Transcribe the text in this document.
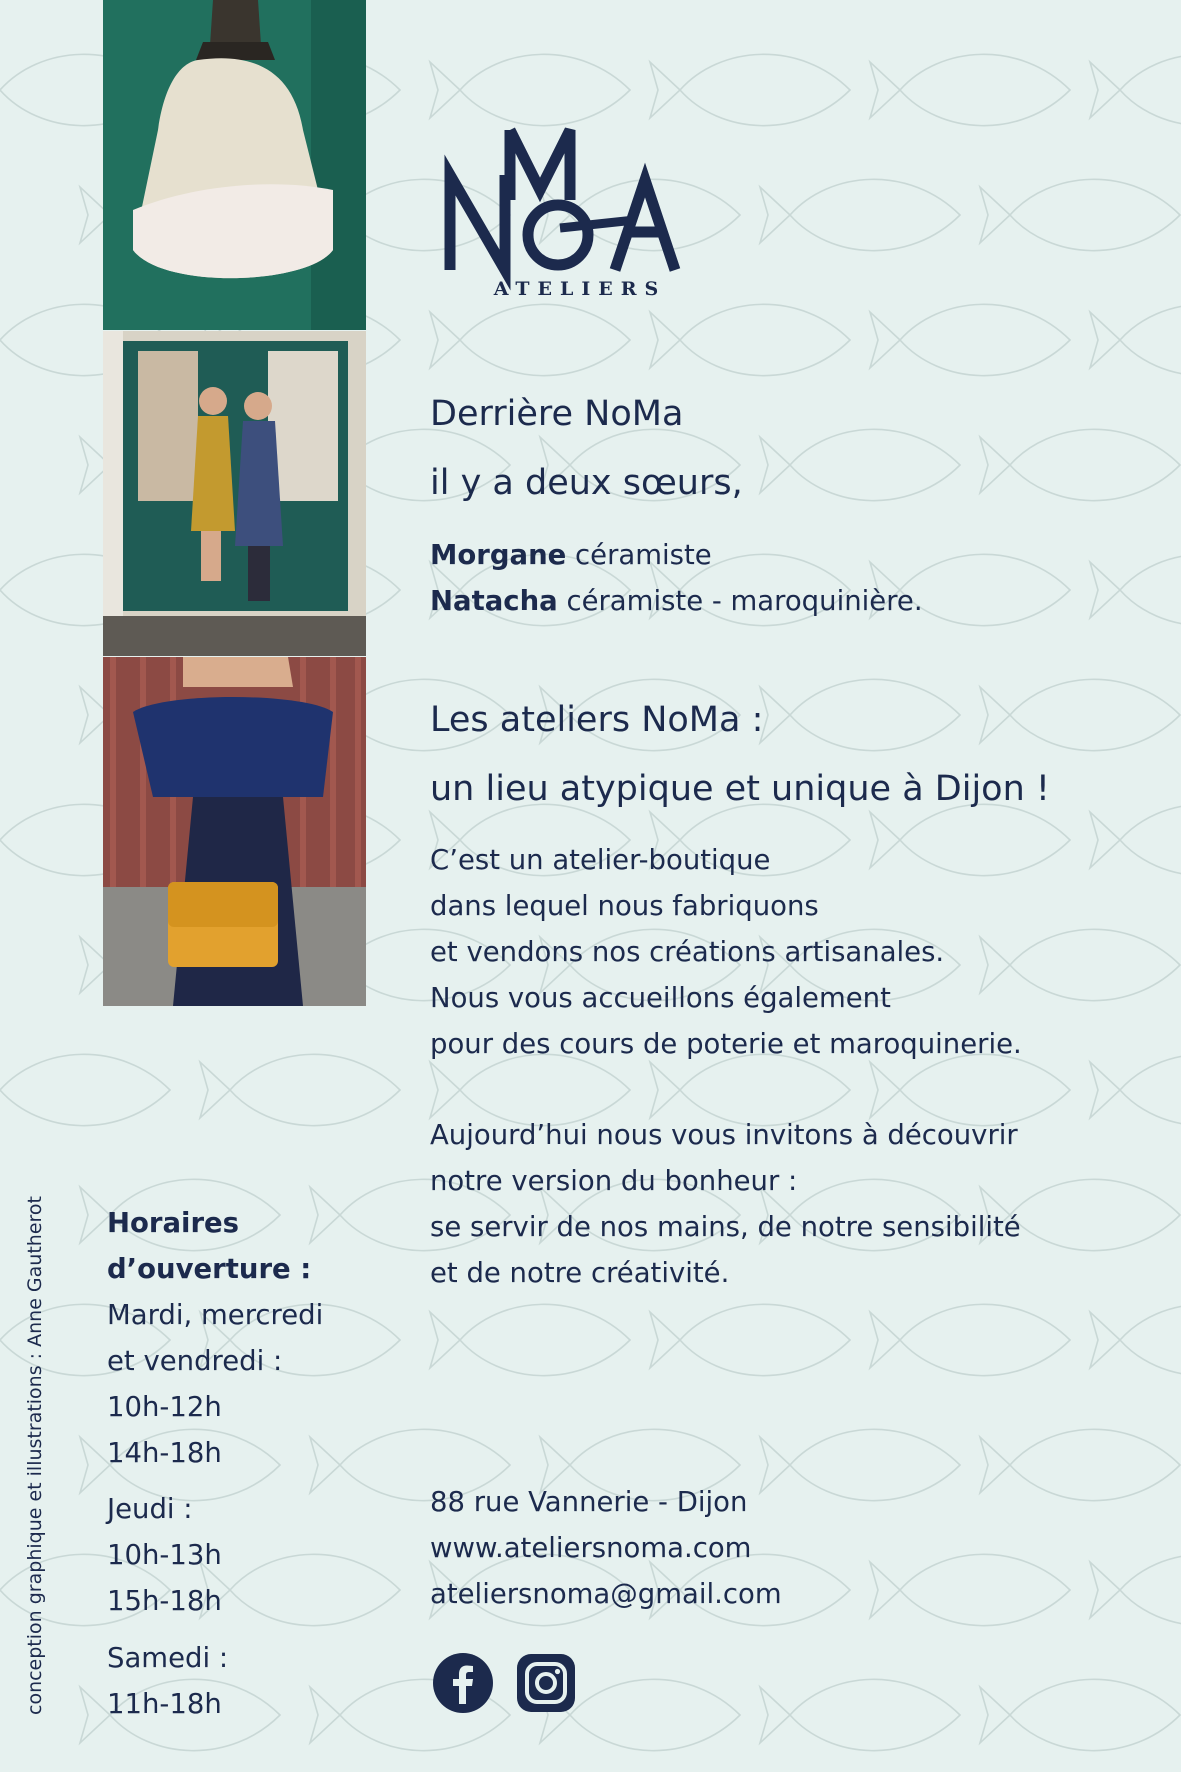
ATELIERS
Derrière NoMa
il y a deux sœurs,
Morgane céramiste
Natacha céramiste - maroquinière.
Les ateliers NoMa :
un lieu atypique et unique à Dijon !
C’est un atelier-boutique
dans lequel nous fabriquons
et vendons nos créations artisanales.
Nous vous accueillons également
pour des cours de poterie et maroquinerie.
Aujourd’hui nous vous invitons à découvrir
notre version du bonheur :
se servir de nos mains, de notre sensibilité
et de notre créativité.
Horaires
d’ouverture :
Mardi, mercredi
et vendredi :
10h-12h
14h-18h
Jeudi :
10h-13h
15h-18h
Samedi :
11h-18h
88 rue Vannerie - Dijon
www.ateliersnoma.com
ateliersnoma@gmail.com
conception graphique et illustrations : Anne Gautherot
